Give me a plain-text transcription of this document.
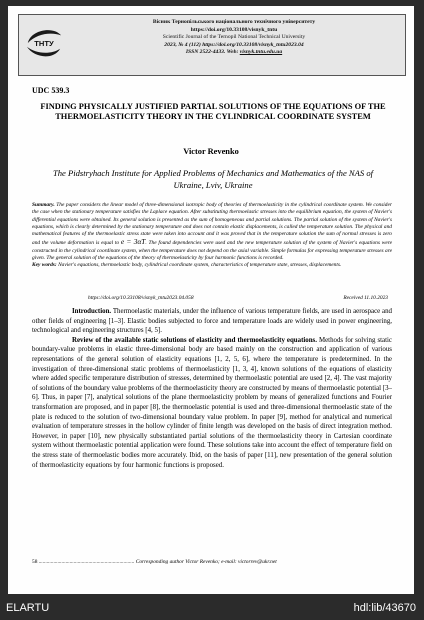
ТНТУ
Вісник Тернопільського національного технічного університету
https://doi.org/10.33108/visnyk_tntu
Scientific Journal of the Ternopil National Technical University
2023, № 4 (112) https://doi.org/10.33108/visnyk_tntu2023.04
ISSN 2522-4433. Web: visnyk.tntu.edu.ua
UDC 539.3
FINDING PHYSICALLY JUSTIFIED PARTIAL SOLUTIONS OF THE EQUATIONS OF THE THERMOELASTICITY THEORY IN THE CYLINDRICAL COORDINATE SYSTEM
Victor Revenko
The Pidstryhach Institute for Applied Problems of Mechanics and Mathematics of the NAS of Ukraine, Lviv, Ukraine
Summary. The paper considers the linear model of three-dimensional isotropic body of theories of thermoelasticity in the cylindrical coordinate system. We consider the case when the stationary temperature satisfies the Laplace equation. After substituting thermoelastic stresses into the equilibrium equation, the system of Navier's differential equations were obtained. Its general solution is presented as the sum of homogeneous and partial solutions. The partial solution of the system of Navier's equations, which is clearly determined by the stationary temperature and does not contain elastic displacements, is called the temperature solution. The physical and mathematical features of the thermoelastic stress state were taken into account and it was proved that in the temperature solution the sum of normal stresses is zero and the volume deformation is equal to e = 3αT. The found dependencies were used and the new temperature solution of the system of Navier's equations were constructed in the cylindrical coordinate system, when the temperature does not depend on the axial variable. Simple formulas for expressing temperature stresses are given. The general solution of the equations of the theory of thermoelasticity by four harmonic functions is recorded.
Key words: Navier's equations, thermoelastic body, cylindrical coordinate system, characteristics of temperature state, stresses, displacements.
https://doi.org/10.33108/visnyk_tntu2023.04.058	Received 11.10.2023

Introduction. Thermoelastic materials, under the influence of various temperature fields, are used in aerospace and other fields of engineering [1–3]. Elastic bodies subjected to force and temperature loads are widely used in power engineering, technological and engineering structures [4, 5].

Review of the available static solutions of elasticity and thermoelasticity equations. Methods for solving static boundary-value problems in elastic three-dimensional body are based mainly on the construction and application of various representations of the general solution of elasticity equations [1, 2, 5, 6], where the temperature is predetermined. In the investigation of three-dimensional static problems of thermoelasticity [1, 3, 4], known solutions of the equations of elasticity where added specific temperature distribution of stresses, determined by thermoelastic potential are used [2, 4]. The vast majority of solutions of the boundary value problems of the thermoelasticity theory are constructed by means of thermoelastic potential [3–6]. Thus, in paper [7], analytical solutions of the plane thermoelasticity problem by means of generalized functions and Fourier transformation are proposed, and in paper [8], the thermoelastic potential is used and three-dimensional thermoelastic state of the plate is reduced to the solution of two-dimensional boundary value problem. In paper [9], method for analytical and numerical evaluation of temperature stresses in the hollow cylinder of finite length was developed on the basis of direct integration method. However, in paper [10], new physically substantiated partial solutions of the thermoelasticity theory in Cartesian coordinate system without thermoelastic potential application were found. These solutions take into account the effect of temperature field on the stress state of thermoelastic bodies more accurately. Ibid, on the basis of paper [11], new presentation of the general solution of thermoelasticity equations by four harmonic functions is proposed.

58 ....................................................................... Corresponding author Victor Revenko; e-mail: victorrev@ukr.net
ELARTU	hdl:lib/43670
